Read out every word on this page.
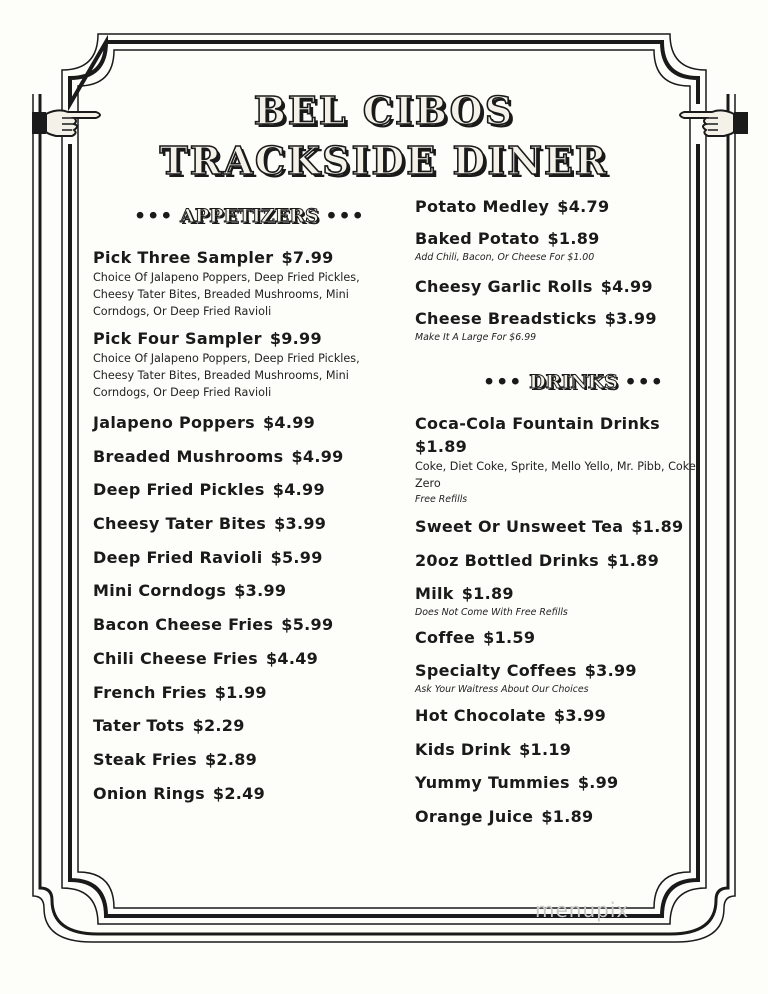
BEL CIBOS
TRACKSIDE DINER
••• APPETIZERS •••
Pick Three Sampler $7.99
Choice Of Jalapeno Poppers, Deep Fried Pickles, Cheesy Tater Bites, Breaded Mushrooms, Mini Corndogs, Or Deep Fried Ravioli
Pick Four Sampler $9.99
Choice Of Jalapeno Poppers, Deep Fried Pickles, Cheesy Tater Bites, Breaded Mushrooms, Mini Corndogs, Or Deep Fried Ravioli
Jalapeno Poppers $4.99
Breaded Mushrooms $4.99
Deep Fried Pickles $4.99
Cheesy Tater Bites $3.99
Deep Fried Ravioli $5.99
Mini Corndogs $3.99
Bacon Cheese Fries $5.99
Chili Cheese Fries $4.49
French Fries $1.99
Tater Tots $2.29
Steak Fries $2.89
Onion Rings $2.49
Potato Medley $4.79
Baked Potato $1.89
Add Chili, Bacon, Or Cheese For $1.00
Cheesy Garlic Rolls $4.99
Cheese Breadsticks $3.99
Make It A Large For $6.99
••• DRINKS •••
Coca-Cola Fountain Drinks
$1.89
Coke, Diet Coke, Sprite, Mello Yello, Mr. Pibb, Coke Zero
Free Refills
Sweet Or Unsweet Tea $1.89
20oz Bottled Drinks $1.89
Milk $1.89
Does Not Come With Free Refills
Coffee $1.59
Specialty Coffees $3.99
Ask Your Waitress About Our Choices
Hot Chocolate $3.99
Kids Drink $1.19
Yummy Tummies $.99
Orange Juice $1.89
menupix
